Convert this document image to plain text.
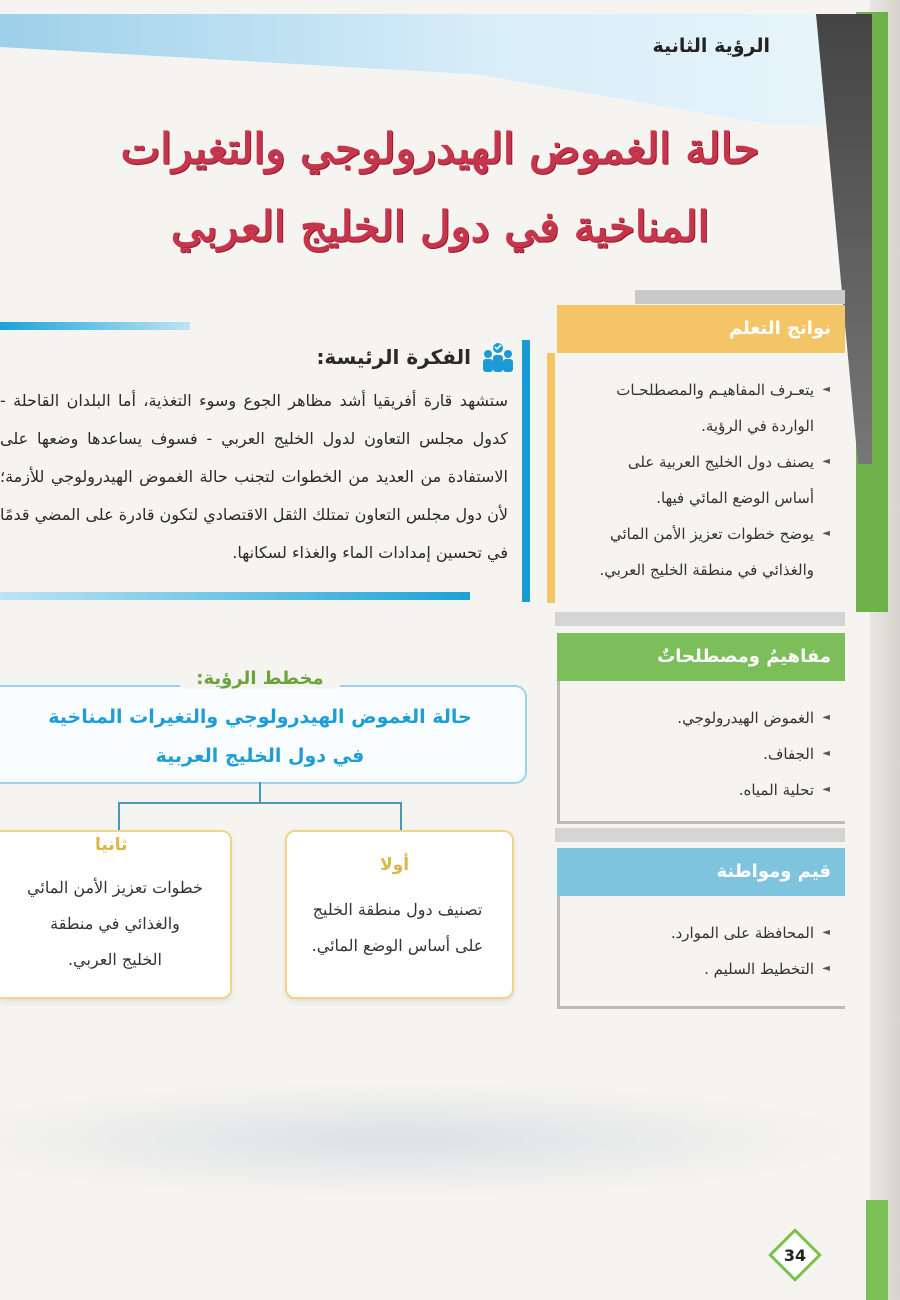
الرؤية الثانية
حالة الغموض الهيدرولوجي والتغيرات
المناخية في دول الخليج العربي
الفكرة الرئيسة:
ستشهد قارة أفريقيا أشد مظاهر الجوع وسوء التغذية، أما البلدان القاحلة - كدول مجلس التعاون لدول الخليج العربي - فسوف يساعدها وضعها على الاستفادة من العديد من الخطوات لتجنب حالة الغموض الهيدرولوجي للأزمة؛ لأن دول مجلس التعاون تمتلك الثقل الاقتصادي لتكون قادرة على المضي قدمًا في تحسين إمدادات الماء والغذاء لسكانها.
مخطط الرؤية:
حالة الغموض الهيدرولوجي والتغيرات المناخية
في دول الخليج العربية
أولا
تصنيف دول منطقة الخليج
على أساس الوضع المائي.
ثانيا
خطوات تعزيز الأمن المائي
والغذائي في منطقة
الخليج العربي.
نواتج التعلم
◄ يتعـرف المفاهيـم والمصطلحـات
الواردة في الرؤية.
◄ يصنف دول الخليج العربية على
أساس الوضع المائي فيها.
◄ يوضح خطوات تعزيز الأمن المائي
والغذائي في منطقة الخليج العربي.
مفاهيمُ ومصطلحاتٌ
◄ الغموض الهيدرولوجي.
◄ الجفاف.
◄ تحلية المياه.
قيم ومواطنة
◄ المحافظة على الموارد.
◄ التخطيط السليم .
34
